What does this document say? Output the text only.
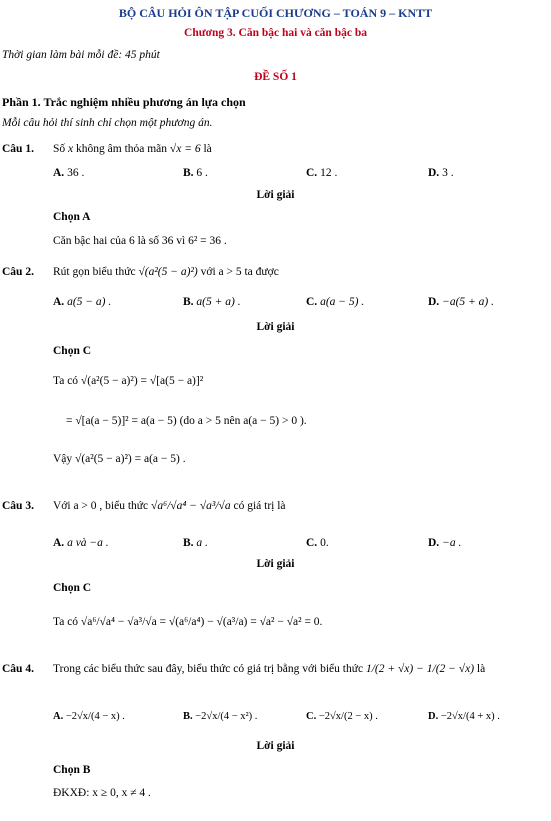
BỘ CÂU HỎI ÔN TẬP CUỐI CHƯƠNG – TOÁN 9 – KNTT
Chương 3. Căn bậc hai và căn bậc ba
Thời gian làm bài mỗi đề: 45 phút
ĐỀ SỐ 1
Phần 1. Trắc nghiệm nhiều phương án lựa chọn
Mỗi câu hỏi thí sinh chỉ chọn một phương án.
Câu 1. Số x không âm thỏa mãn √x = 6 là
A. 36 .	B. 6 .	C. 12 .	D. 3 .
Lời giải
Chọn A
Căn bậc hai của 6 là số 36 vì 6² = 36 .
Câu 2. Rút gọn biểu thức √(a²(5 − a)²) với a > 5 ta được
A. a(5 − a) .	B. a(5 + a) .	C. a(a − 5) .	D. −a(5 + a) .
Lời giải
Chọn C
Ta có √(a²(5 − a)²) = √[a(5 − a)]²
= √[a(a − 5)]² = a(a − 5) (do a > 5 nên a(a − 5) > 0 ).
Vậy √(a²(5 − a)²) = a(a − 5) .
Câu 3. Với a > 0 , biểu thức √a⁶/√a⁴ − √a³/√a có giá trị là
A. a và −a .	B. a .	C. 0.	D. −a .
Lời giải
Chọn C
Ta có √a⁶/√a⁴ − √a³/√a = √(a⁶/a⁴) − √(a³/a) = √a² − √a² = 0.
Câu 4. Trong các biểu thức sau đây, biểu thức có giá trị bằng với biểu thức 1/(2 + √x) − 1/(2 − √x) là
A. −2√x/(4 − x) .	B. −2√x/(4 − x²) .	C. −2√x/(2 − x) .	D. −2√x/(4 + x) .
Lời giải
Chọn B
ĐKXĐ: x ≥ 0, x ≠ 4 .
